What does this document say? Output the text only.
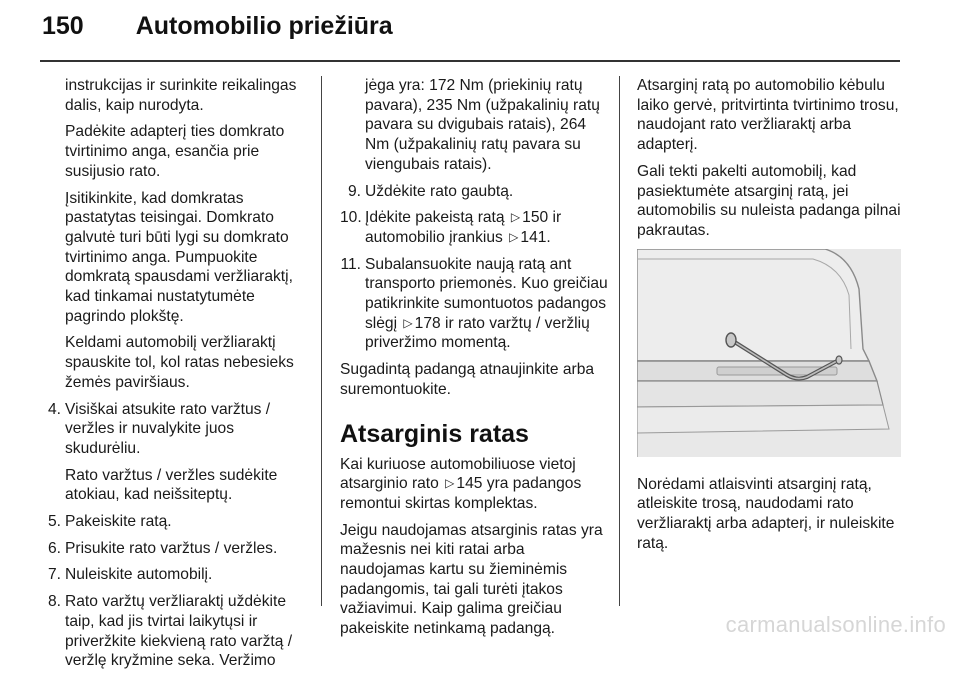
150 Automobilio priežiūra

instrukcijas ir surinkite reikalingas dalis, kaip nurodyta.

Padėkite adapterį ties domkrato tvirtinimo anga, esančia prie susijusio rato.

Įsitikinkite, kad domkratas pastatytas teisingai. Domkrato galvutė turi būti lygi su domkrato tvirtinimo anga. Pumpuokite domkratą spausdami veržliaraktį, kad tinkamai nustatytumėte pagrindo plokštę.

Keldami automobilį veržliaraktį spauskite tol, kol ratas nebesieks žemės paviršiaus.

4. Visiškai atsukite rato varžtus / veržles ir nuvalykite juos skudurėliu.

Rato varžtus / veržles sudėkite atokiau, kad neišsiteptų.

5. Pakeiskite ratą.
6. Prisukite rato varžtus / veržles.
7. Nuleiskite automobilį.
8. Rato varžtų veržliaraktį uždėkite taip, kad jis tvirtai laikytųsi ir priveržkite kiekvieną rato varžtą / veržlę kryžmine seka. Veržimo

jėga yra: 172 Nm (priekinių ratų pavara), 235 Nm (užpakalinių ratų pavara su dvigubais ratais), 264 Nm (užpakalinių ratų pavara su viengubais ratais).

9. Uždėkite rato gaubtą.
10. Įdėkite pakeistą ratą ▷ 150 ir automobilio įrankius ▷ 141.
11. Subalansuokite naują ratą ant transporto priemonės. Kuo greičiau patikrinkite sumontuotos padangos slėgį ▷ 178 ir rato varžtų / veržlių priveržimo momentą.

Sugadintą padangą atnaujinkite arba suremontuokite.

Atsarginis ratas

Kai kuriuose automobiliuose vietoj atsarginio rato ▷ 145 yra padangos remontui skirtas komplektas.

Jeigu naudojamas atsarginis ratas yra mažesnis nei kiti ratai arba naudojamas kartu su žieminėmis padangomis, tai gali turėti įtakos važiavimui. Kaip galima greičiau pakeiskite netinkamą padangą.

Atsarginį ratą po automobilio kėbulu laiko gervė, pritvirtinta tvirtinimo trosu, naudojant rato veržliaraktį arba adapterį.

Gali tekti pakelti automobilį, kad pasiektumėte atsarginį ratą, jei automobilis su nuleista padanga pilnai pakrautas.

Norėdami atlaisvinti atsarginį ratą, atleiskite trosą, naudodami rato veržliaraktį arba adapterį, ir nuleiskite ratą.

carmanualsonline.info
